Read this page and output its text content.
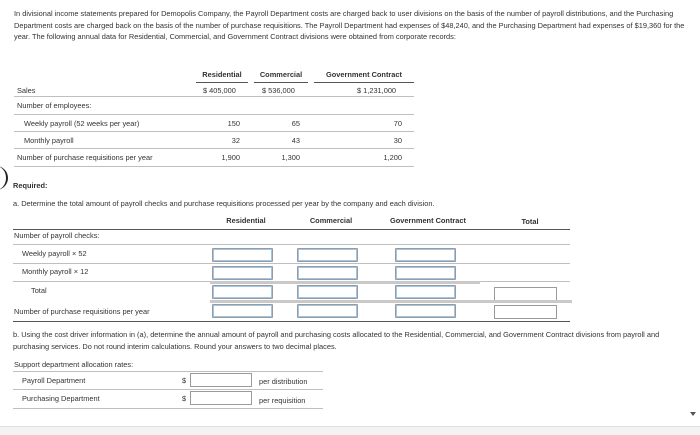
In divisional income statements prepared for Demopolis Company, the Payroll Department costs are charged back to user divisions on the basis of the number of payroll distributions, and the Purchasing Department costs are charged back on the basis of the number of purchase requisitions. The Payroll Department had expenses of $48,240, and the Purchasing Department had expenses of $19,360 for the year. The following annual data for Residential, Commercial, and Government Contract divisions were obtained from corporate records:
Residential	Commercial	Government Contract
Sales	$ 405,000	$ 536,000	$ 1,231,000
Number of employees:
Weekly payroll (52 weeks per year)	150	65	70
Monthly payroll	32	43	30
Number of purchase requisitions per year	1,900	1,300	1,200
Required:
a. Determine the total amount of payroll checks and purchase requisitions processed per year by the company and each division.
Residential	Commercial	Government Contract	Total
Number of payroll checks:
Weekly payroll × 52
Monthly payroll × 12
Total
Number of purchase requisitions per year
b. Using the cost driver information in (a), determine the annual amount of payroll and purchasing costs allocated to the Residential, Commercial, and Government Contract divisions from payroll and purchasing services. Do not round interim calculations. Round your answers to two decimal places.
Support department allocation rates:
Payroll Department	$	per distribution
Purchasing Department	$	per requisition
